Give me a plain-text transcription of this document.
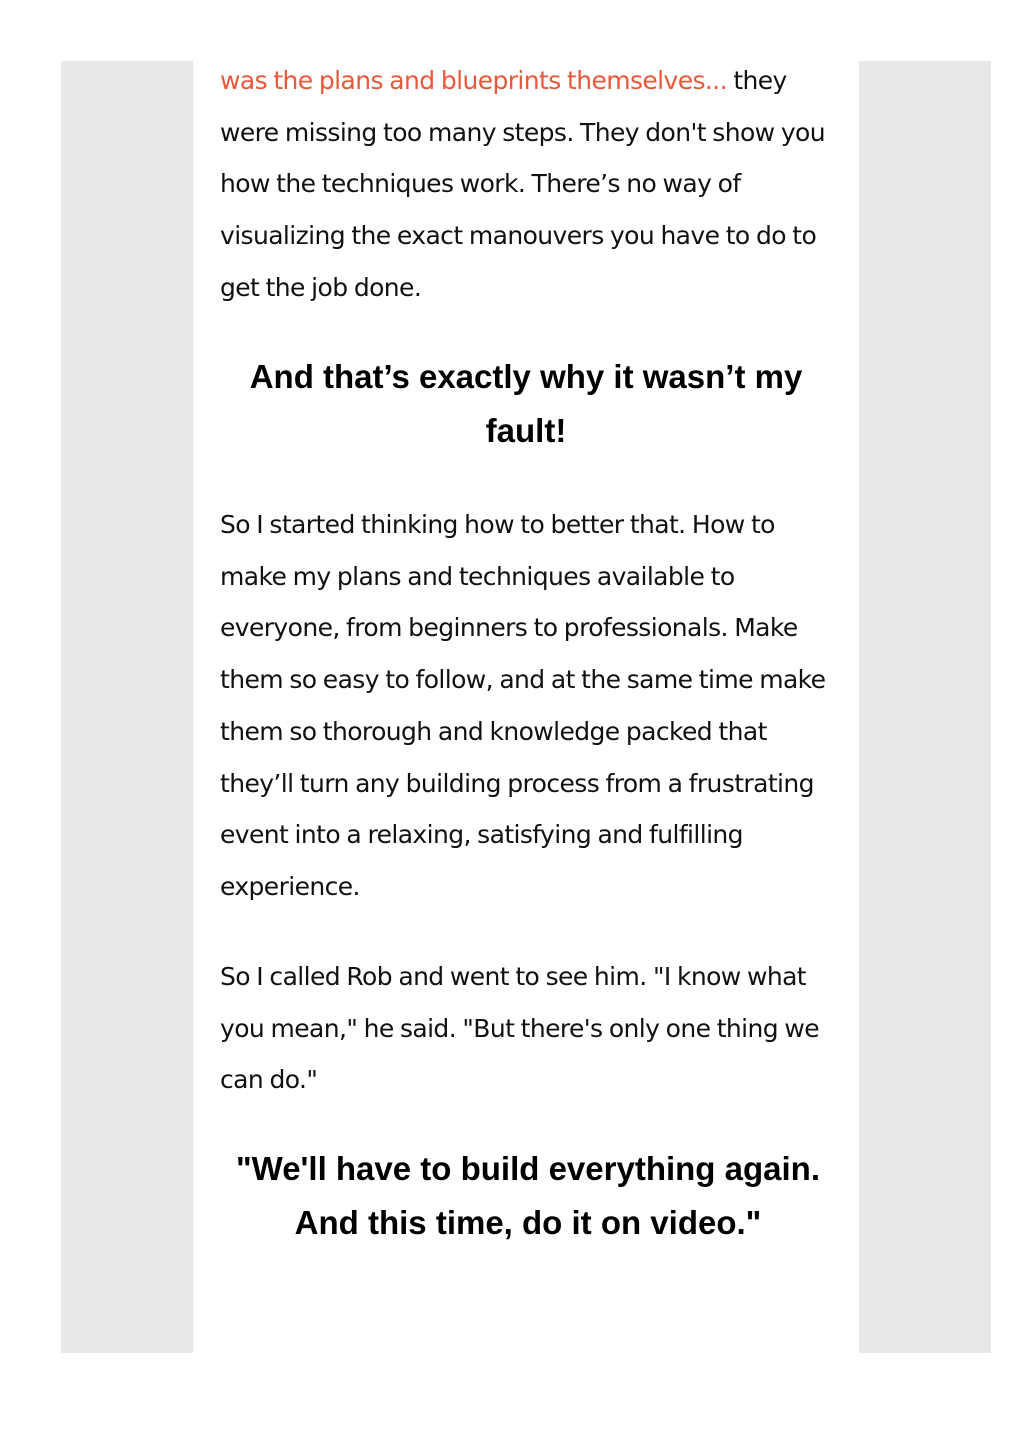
was the plans and blueprints themselves... they were missing too many steps. They don't show you how the techniques work. There’s no way of visualizing the exact manouvers you have to do to get the job done.

And that’s exactly why it wasn’t my fault!

So I started thinking how to better that. How to make my plans and techniques available to everyone, from beginners to professionals. Make them so easy to follow, and at the same time make them so thorough and knowledge packed that they’ll turn any building process from a frustrating event into a relaxing, satisfying and fulfilling experience.

So I called Rob and went to see him. "I know what you mean," he said. "But there's only one thing we can do."

"We'll have to build everything again. And this time, do it on video."
